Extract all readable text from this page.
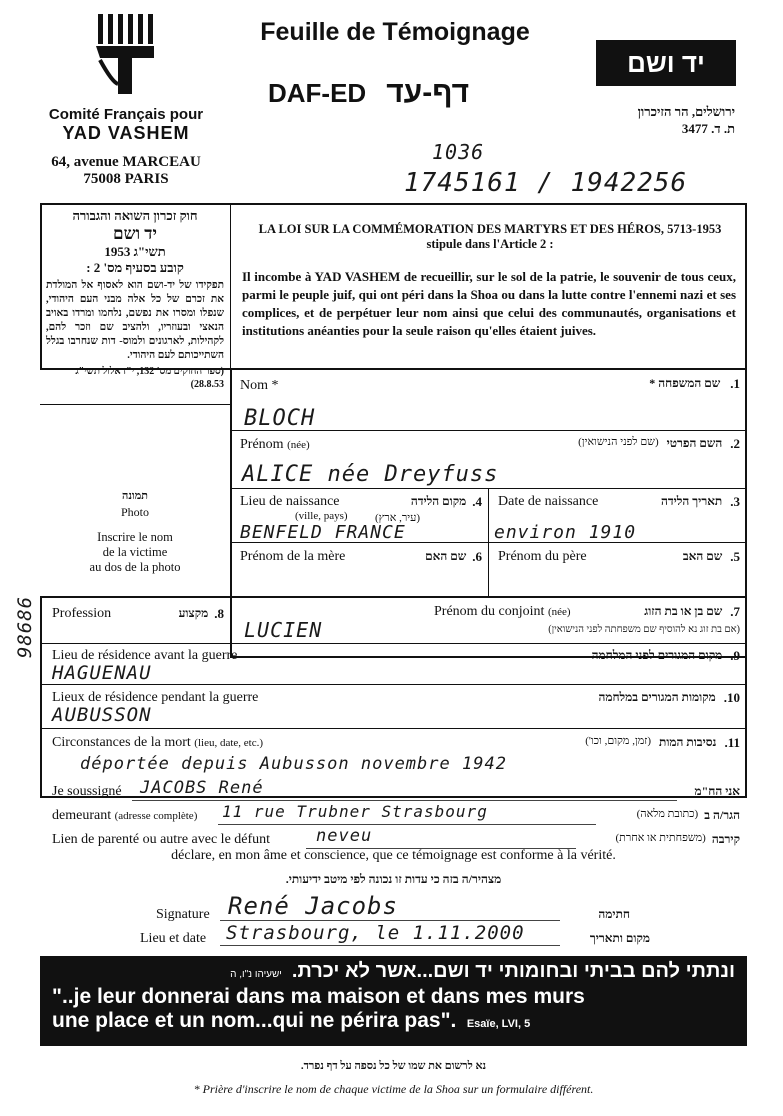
Comité Français pour
YAD VASHEM
64, avenue MARCEAU
75008 PARIS
Feuille de Témoignage
DAF-ED דף-עד
יד ושם
ירושלים, הר הזיכרון
ת. ד. 3477
1036
1745161 / 1942256
חוק זכרון השואה והגבורה
יד ושם
תשי"ג 1953
קובע בסעיף מס' 2 :
תפקידו של יד-ושם הוא לאסוף אל המולדת את זכרם של כל אלה מבני העם היהודי, שנפלו ומסרו את נפשם, נלחמו ומרדו באויב הנאצי ובעוזריו, ולהציב שם וזכר להם, לקהילות, לארגונים ולמוס- דות שנחרבו בגלל השתייכותם לעם היהודי.
(ספר החוקים מס' 132, י"ז אלול תשי"ג 28.8.53)
LA LOI SUR LA COMMÉMORATION DES MARTYRS ET DES HÉROS, 5713-1953
stipule dans l'Article 2 :
Il incombe à YAD VASHEM de recueillir, sur le sol de la patrie, le souvenir de tous ceux, parmi le peuple juif, qui ont péri dans la Shoa ou dans la lutte contre l'ennemi nazi et ses complices, et de perpétuer leur nom ainsi que celui des communautés, organisations et institutions anéanties pour la seule raison qu'elles étaient juives.
תמונה
Photo
Inscrire le nom
de la victime
au dos de la photo
98686
Nom *	שם המשפחה * .1
BLOCH
Prénom (née)	(שם לפני הנישואין) השם הפרטי .2
ALICE née Dreyfuss
Lieu de naissance
(ville, pays)
מקום הלידה .4
(עיר, ארץ)
BENFELD FRANCE
Date de naissance	תאריך הלידה .3
environ 1910
Prénom de la mère	שם האם .6 Prénom du père	שם האב .5
Profession	מקצוע .8	Prénom du conjoint (née)	שם בן או בת הזוג .7
(אם בת זוג נא להוסיף שם משפחתה לפני הנישואין)
LUCIEN
Lieu de résidence avant la guerre	מקום המגורים לפני המלחמה .9
HAGUENAU
Lieux de résidence pendant la guerre	מקומות המגורים במלחמה .10
AUBUSSON
Circonstances de la mort (lieu, date, etc.)	(זמן, מקום, וכו') נסיבות המות .11
déportée depuis Aubusson novembre 1942
Je soussigné JACOBS René	אני הח"מ
demeurant (adresse complète) 11 rue Trubner Strasbourg	(כתובת מלאה) הגר/ה ב
Lien de parenté ou autre avec le défunt	neveu	(משפחתית או אחרת) קירבה
déclare, en mon âme et conscience, que ce témoignage est conforme à la vérité.
מצהיר/ה בזה כי עדות זו נכונה לפי מיטב ידיעותי.
Signature René Jacobs	חתימה
Lieu et date Strasbourg, le 1.11.2000	מקום ותאריך
ישעיהו נ"ו, ה ונתתי להם בביתי ובחומותי יד ושם...אשר לא יכרת.
"..je leur donnerai dans ma maison et dans mes murs
une place et un nom...qui ne périra pas". Esaïe, LVI, 5
נא לרשום את שמו של כל נספה על דף נפרד.
* Prière d'inscrire le nom de chaque victime de la Shoa sur un formulaire différent.
